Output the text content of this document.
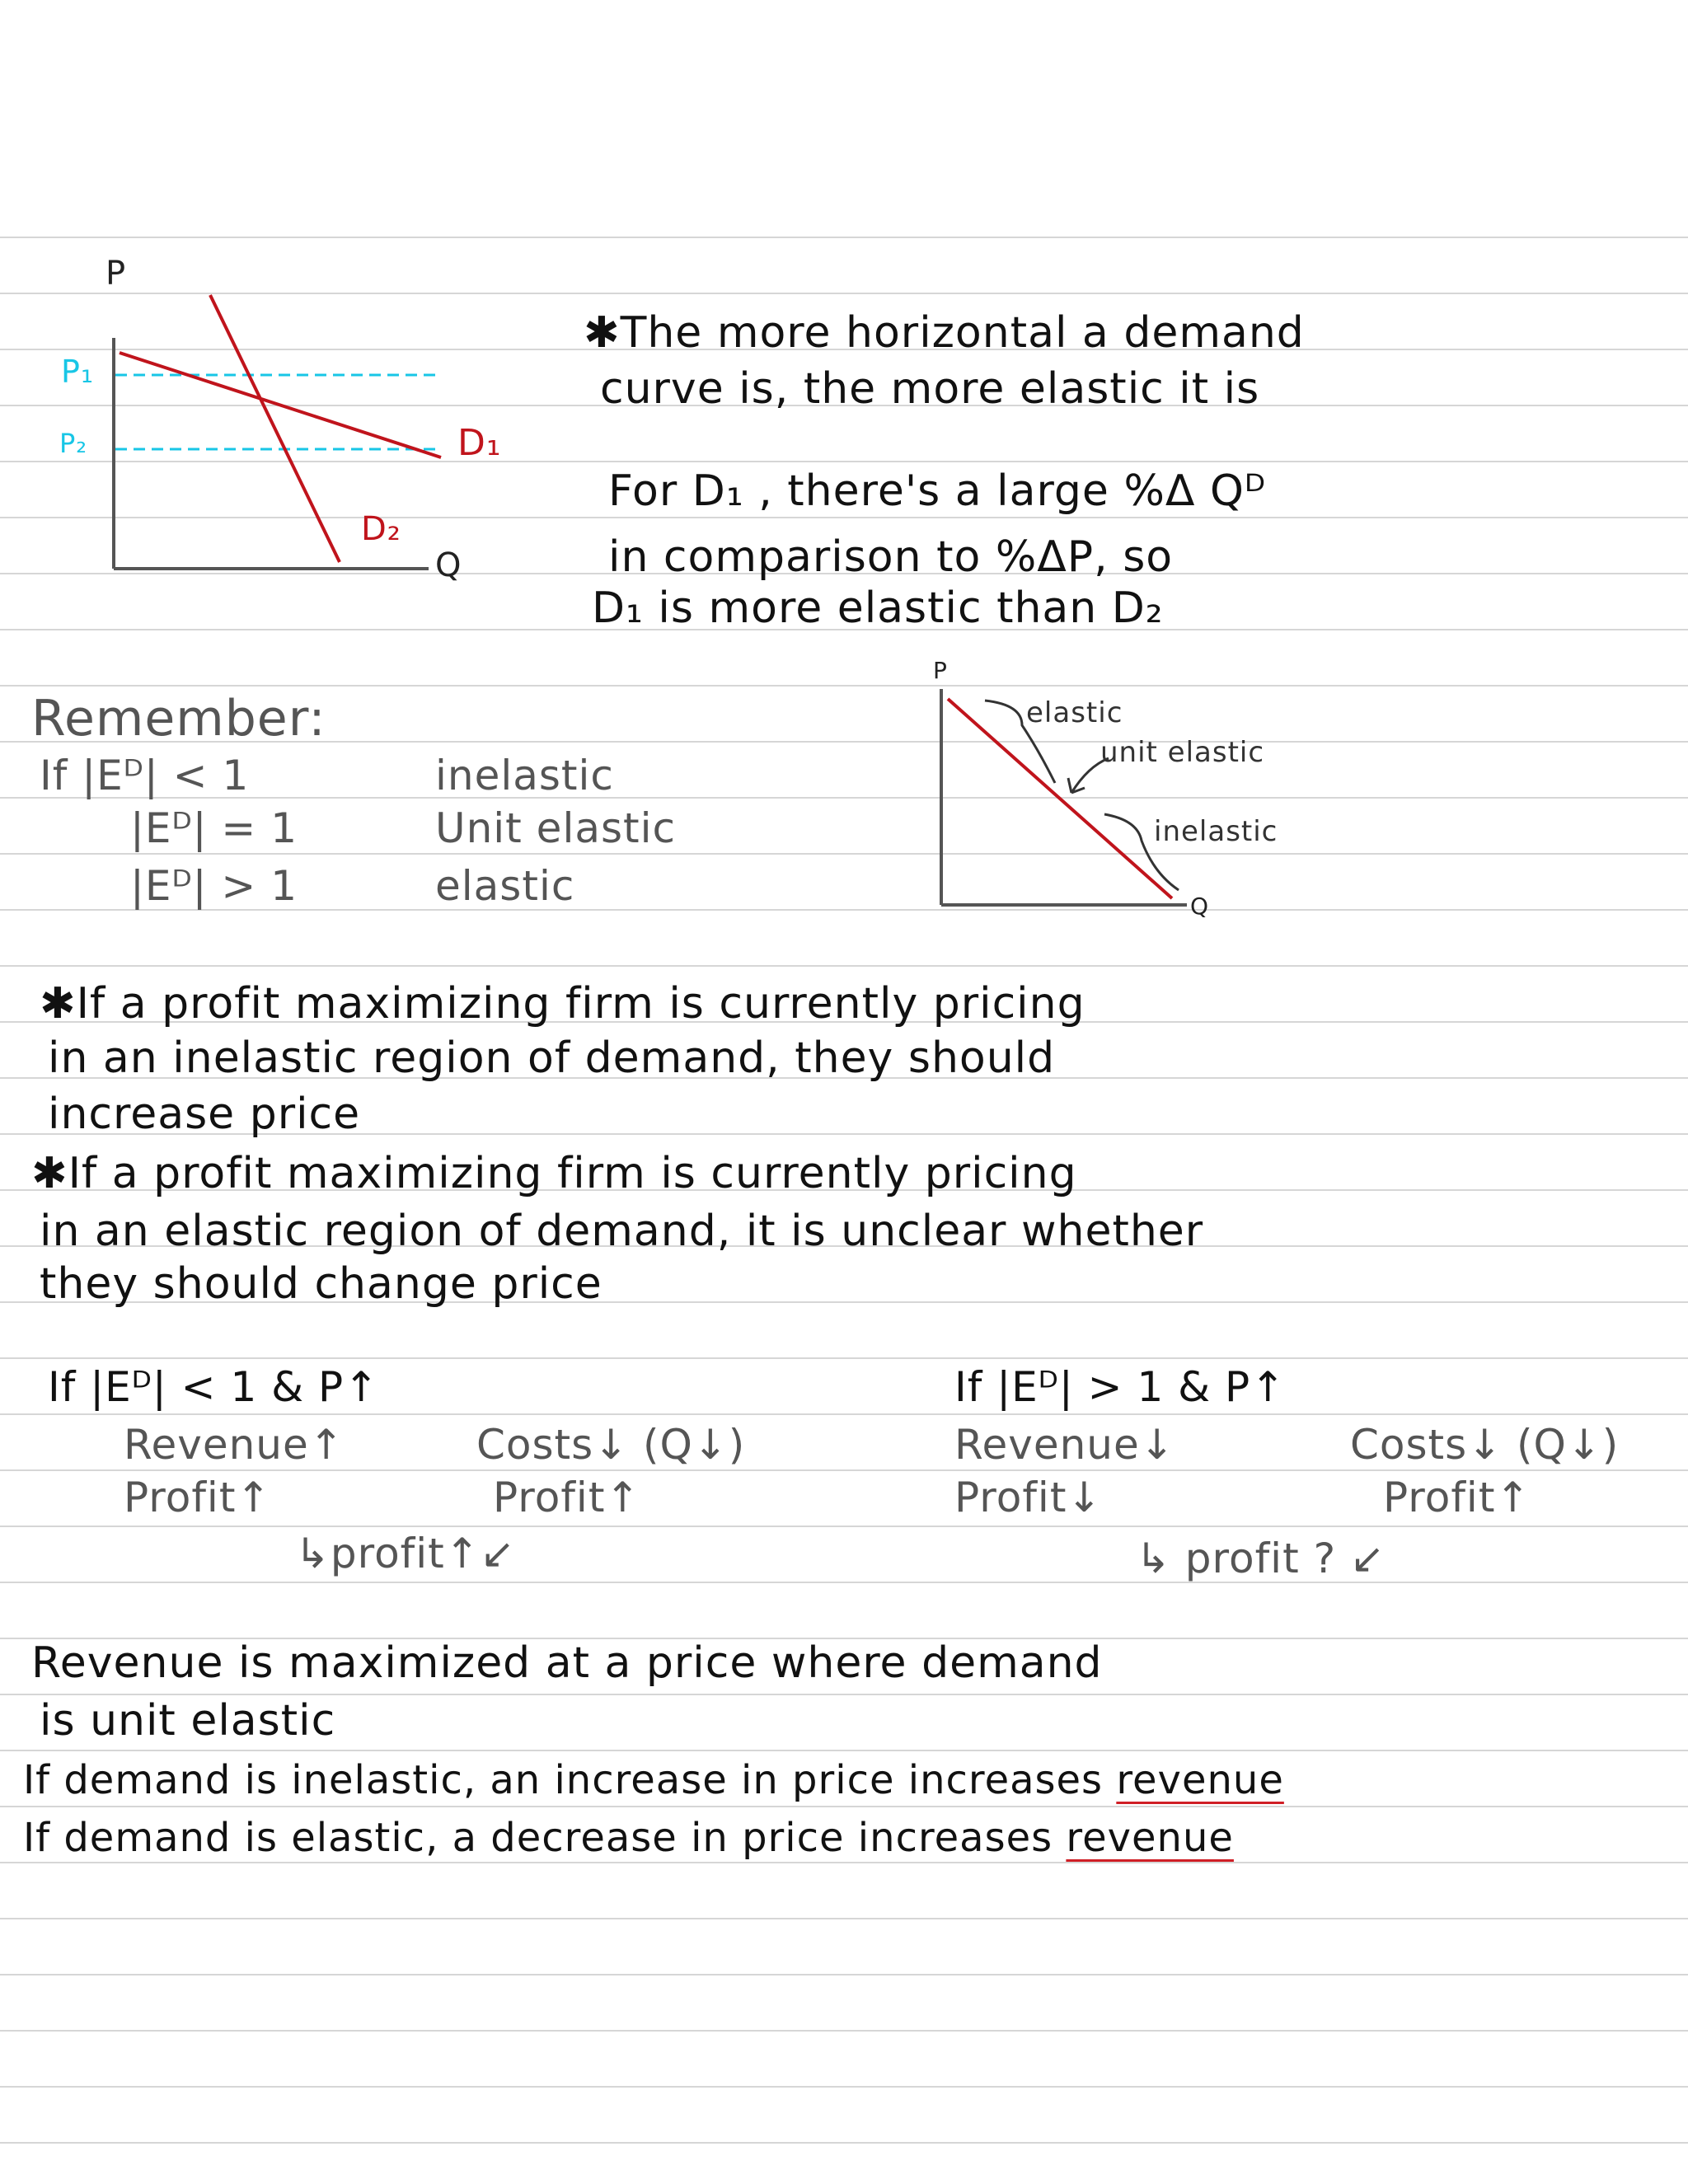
P
Q
P₁
P₂	D₁
D₂
✱The more horizontal a demand
curve is, the more elastic it is
For D₁ , there's a large %Δ Qᴰ
in comparison to %ΔP, so
D₁ is more elastic than D₂
Remember:
If |Eᴰ| < 1	inelastic
|Eᴰ| = 1	Unit elastic
|Eᴰ| > 1	elastic
P
Q
elastic
unit elastic
inelastic
✱If a profit maximizing firm is currently pricing
in an inelastic region of demand, they should
increase price
✱If a profit maximizing firm is currently pricing
in an elastic region of demand, it is unclear whether
they should change price
If |Eᴰ| < 1 & P↑
Revenue↑	Costs↓ (Q↓)
Profit↑	Profit↑
↳profit↑↙
If |Eᴰ| > 1 & P↑
Revenue↓	Costs↓ (Q↓)
Profit↓	Profit↑
↳ profit ? ↙
Revenue is maximized at a price where demand
is unit elastic
If demand is inelastic, an increase in price increases revenue
If demand is elastic, a decrease in price increases revenue
